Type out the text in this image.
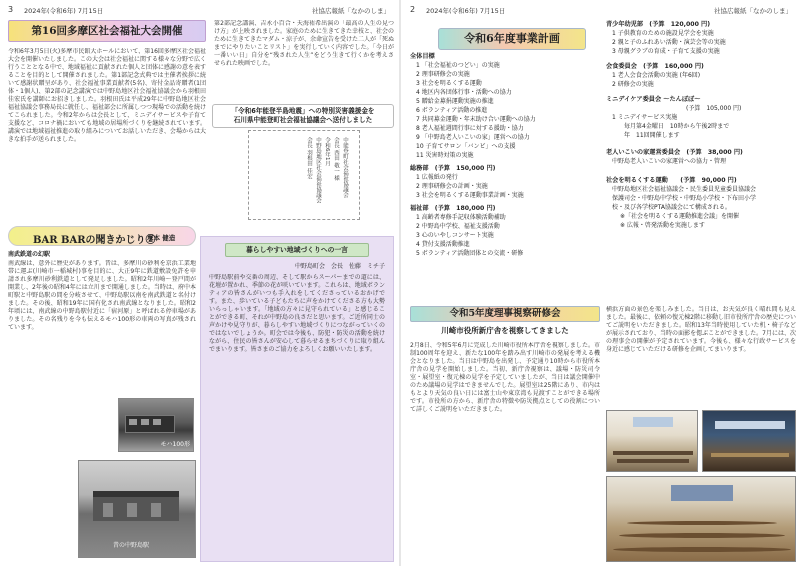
3 2024年(令和6年) 7月15日	社協広報紙「なかのしま」
第16回多摩区社会福祉大会開催
令和6年3月5日(火)多摩市民館大ホールにおいて、第16回多摩区社会福祉大会を開催いたしました。この大会は社会福祉に関する様々な分野で広く行うこととなる中で、地域福祉に貢献された個人と団体に感謝の意を表することを目的として開催されました。第1部記念式典では主催者挨拶に続いて感謝状贈呈があり、社会福祉事業貢献者(5名)、寄付金品寄贈者(1団体・1個人)、第2部の記念講演では中野島地区社会福祉協議会から羽根田佳宏氏を講師にお招きしました。羽根田氏は平成29年に中野島地区社会福祉協議会事務局長に就任し、福祉部会に所属しつつ現場での活動を続けてこられました。令和2年からは会長として、ミニデイサービスや子育て支援など、コロナ禍においても地域の居場所づくりを継続されています。講演では地域福祉推進の取り組みについてお話しいただき、会場からは大きな拍手が送られました。
第2部記念講演、吉永小百合・天海祐希出演の「最高の人生の見つけ方」が上映されました。家庭のために生きてきた幸枝と、社会のために生きてきたマダム・涼子が、余命宣告を受けた二人が「死ぬまでにやりたいことリスト」を実行していく内容でした。「今日が一番いい日」自分を“残された人生”をどう生きて行くかを考えさせられた映画でした。
「令和6年能登半島地震」への特別災害義援金を
石川県中能登町社会福祉協議会へ送付しました
中能登町社会福祉協議会
会長 西田 敬一 様
令和6年1月
中野島地区社会福祉協議会
会長 羽根田 佳宏
BAR BARの聞きかじり②
塚本 健造
南武鉄道の幻駅
南武線は、意外に歴史があります。昔は、多摩川の砂利を京浜工業地帯に運ぶ(川崎市一稲城村)事を目的に、大正9年に鉄道敷設免許を申請され多摩川砂利鉄道として発足しました。昭和2年川崎〜登戸間が開業し、2年後の昭和4年には立川まで開通しました。当時は、府中本町駅と中野島駅の間を分岐させて、中野島駅以南を南武鉄道と名付けました。その後、昭和19年に国有化され南武線となりました。昭和2年頃には、南武線の中野島駅付近に「宿河原」と呼ばれる停車場がありました。その名残りを今も伝えるモハ100形の車両の写真が残されています。
モハ100形
昔の中野島駅
暮らしやすい地域づくりへの一言
中野島町会　会長　佐藤　ミチ子
中野島駅前や交番の周辺、そして駅からスーパーまでの道には、花壇が置かれ、季節の花が咲いています。これらは、地域ボランティアの皆さんがいつも手入れをしてくださっているおかげです。また、歩いている子どもたちに声をかけてくださる方も大勢いらっしゃいます。「地域の方々に見守られている」と感じることができる町、それが中野島の良さだと思います。ご近所同士の声かけや見守りが、暮らしやすい地域づくりにつながっていくのではないでしょうか。町会では今後も、防犯・防災の活動を続けながら、住民の皆さんが安心して暮らせるまちづくりに取り組んでまいります。皆さまのご協力をよろしくお願いいたします。
2 2024年(令和6年) 7月15日	社協広報紙「なかのしま」
令和6年度事業計画
全体目標
1 「社会福祉のつどい」の実施
2 理事研修会の実施
3 社会を明るくする運動
4 地区内各団体行事・活動への協力
5 贈給金募捐運動実施の推進
6 ボランティア活動の推進
7 共同募金運動・年末助け合い運動への協力
8 老人福祉週間行事に対する援助・協力
9 「中野島老人いこいの家」運営への協力
10 子育てサロン「バンビ」への支援
11 災害時対策の実施
総務部　(予算　150,000 円)
1 広報紙の発行
2 理事研修会の計画・実施
3 社会を明るくする運動事業計画・実施
福祉部　(予算　180,000 円)
1 高齢者専修手記収体験活動補助
2 中野島中学校、福祉支援活動
3 心のいやしコンサート実施
4 貸付支援活動推進
5 ボランティア活動団体との交流・研修
青少年幼児部　(予算　120,000 円)
1 子供教育のための施設見学会を実施
2 親と子のふれあい活動・演芸会等の実施
3 母親グラブの育成・子育て支援の実施
会食委員会　(予算　160,000 円)
1 老人会食会活動の実施 (年6回)
2 研修会の実施
ミニデイケア委員会 〜たんぽぽ〜
(予算　105,000 円)
1 ミニデイサービス実施
毎月第4金曜日　10時から午後2時まで
年　11回開催します
老人いこいの家運営委員会　(予算　38,000 円)
中野島老人いこいの家運営への協力・管理
社会を明るくする運動　　(予算　90,000 円)
中野島地区社会福祉協議会・民生委員児童委員協議会
保護司会・中野島中学校・中野島小学校・下布田小学
校・及び各学校PTA協議会にて構成される。
※「社会を明るくする運動推進会議」を開催
※ 広報・啓発活動を実施します
令和5年度理事視察研修会
川崎市役所新庁舎を視察してきました
2月8日、令和5年6月に完成した川崎市役所本庁舎を視察しました。市制100周年を迎え、新たな100年を踏み出す川崎市の発展を考える機会となりました。当日は中野島を出発し、予定通り10時から市役所本庁舎の見学を開始しました。当初、新庁舎視察は、議場・防災司令室・展望室・復元棟の見学を予定していましたが、当日は議会開催中のため議場の見学はできませんでした。展望室は25階にあり、市内はもとより天気の良い日には富士山や東京湾も見渡すことができる場所です。市役所の方から、新庁舎の特徴や防災拠点としての役割について詳しくご説明をいただきました。
横浜方面の景色を楽しみました。当日は、お天気が良く晴れ間も見えました。最後に、依頼の復元棟2階に移動し旧市役所庁舎の歴史についてご説明をいただきました。昭和13年当時使用していた机・椅子などが展示されており、当時の面影を偲ぶことができました。7月には、次の理事会の開催が予定されています。今後も、様々な行政サービスを身近に感じていただける研修を企画してまいります。
